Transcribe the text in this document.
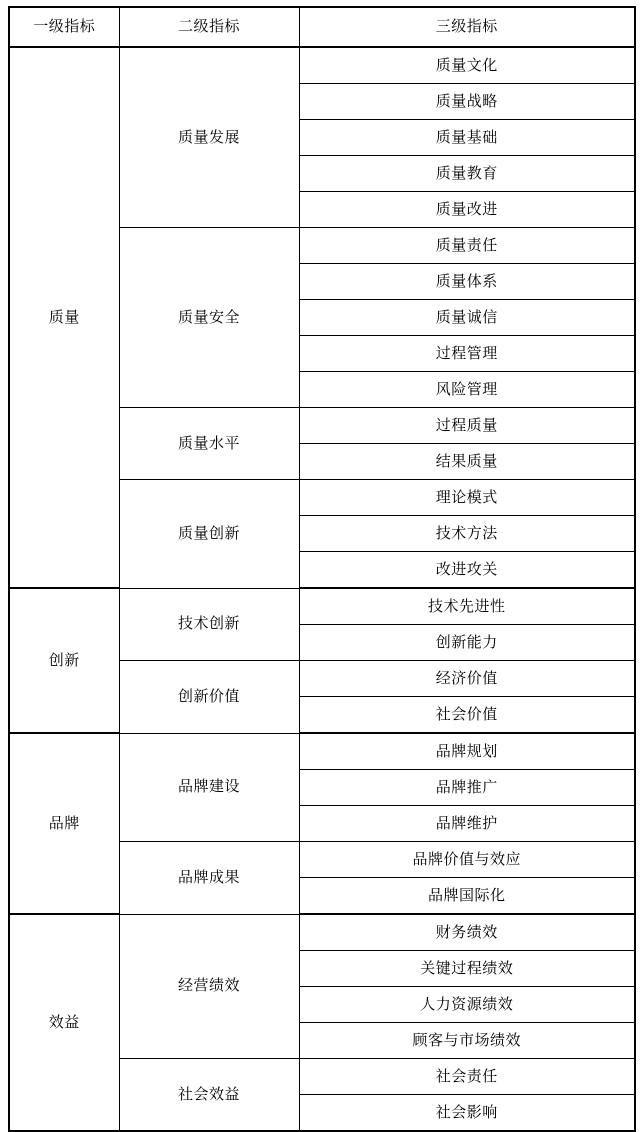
一级指标	二级指标	三级指标
质量	质量发展	质量文化
		质量战略
		质量基础
		质量教育
		质量改进
	质量安全	质量责任
		质量体系
		质量诚信
		过程管理
		风险管理
	质量水平	过程质量
		结果质量
	质量创新	理论模式
		技术方法
		改进攻关
创新	技术创新	技术先进性
		创新能力
	创新价值	经济价值
		社会价值
品牌	品牌建设	品牌规划
		品牌推广
		品牌维护
	品牌成果	品牌价值与效应
		品牌国际化
效益	经营绩效	财务绩效
		关键过程绩效
		人力资源绩效
		顾客与市场绩效
	社会效益	社会责任
		社会影响
